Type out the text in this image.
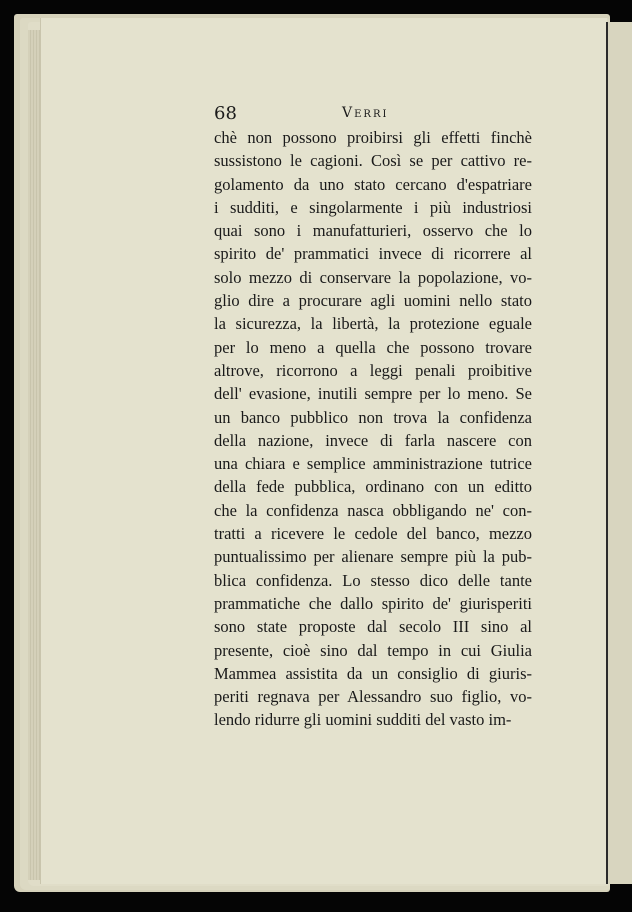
68	Verri
chè non possono proibirsi gli effetti finchè
sussistono le cagioni. Così se per cattivo re-
golamento da uno stato cercano d'espatriare
i sudditi, e singolarmente i più industriosi
quai sono i manufatturieri, osservo che lo
spirito de' prammatici invece di ricorrere al
solo mezzo di conservare la popolazione, vo-
glio dire a procurare agli uomini nello stato
la sicurezza, la libertà, la protezione eguale
per lo meno a quella che possono trovare
altrove, ricorrono a leggi penali proibitive
dell' evasione, inutili sempre per lo meno. Se
un banco pubblico non trova la confidenza
della nazione, invece di farla nascere con
una chiara e semplice amministrazione tutrice
della fede pubblica, ordinano con un editto
che la confidenza nasca obbligando ne' con-
tratti a ricevere le cedole del banco, mezzo
puntualissimo per alienare sempre più la pub-
blica confidenza. Lo stesso dico delle tante
prammatiche che dallo spirito de' giurisperiti
sono state proposte dal secolo III sino al
presente, cioè sino dal tempo in cui Giulia
Mammea assistita da un consiglio di giuris-
periti regnava per Alessandro suo figlio, vo-
lendo ridurre gli uomini sudditi del vasto im-
